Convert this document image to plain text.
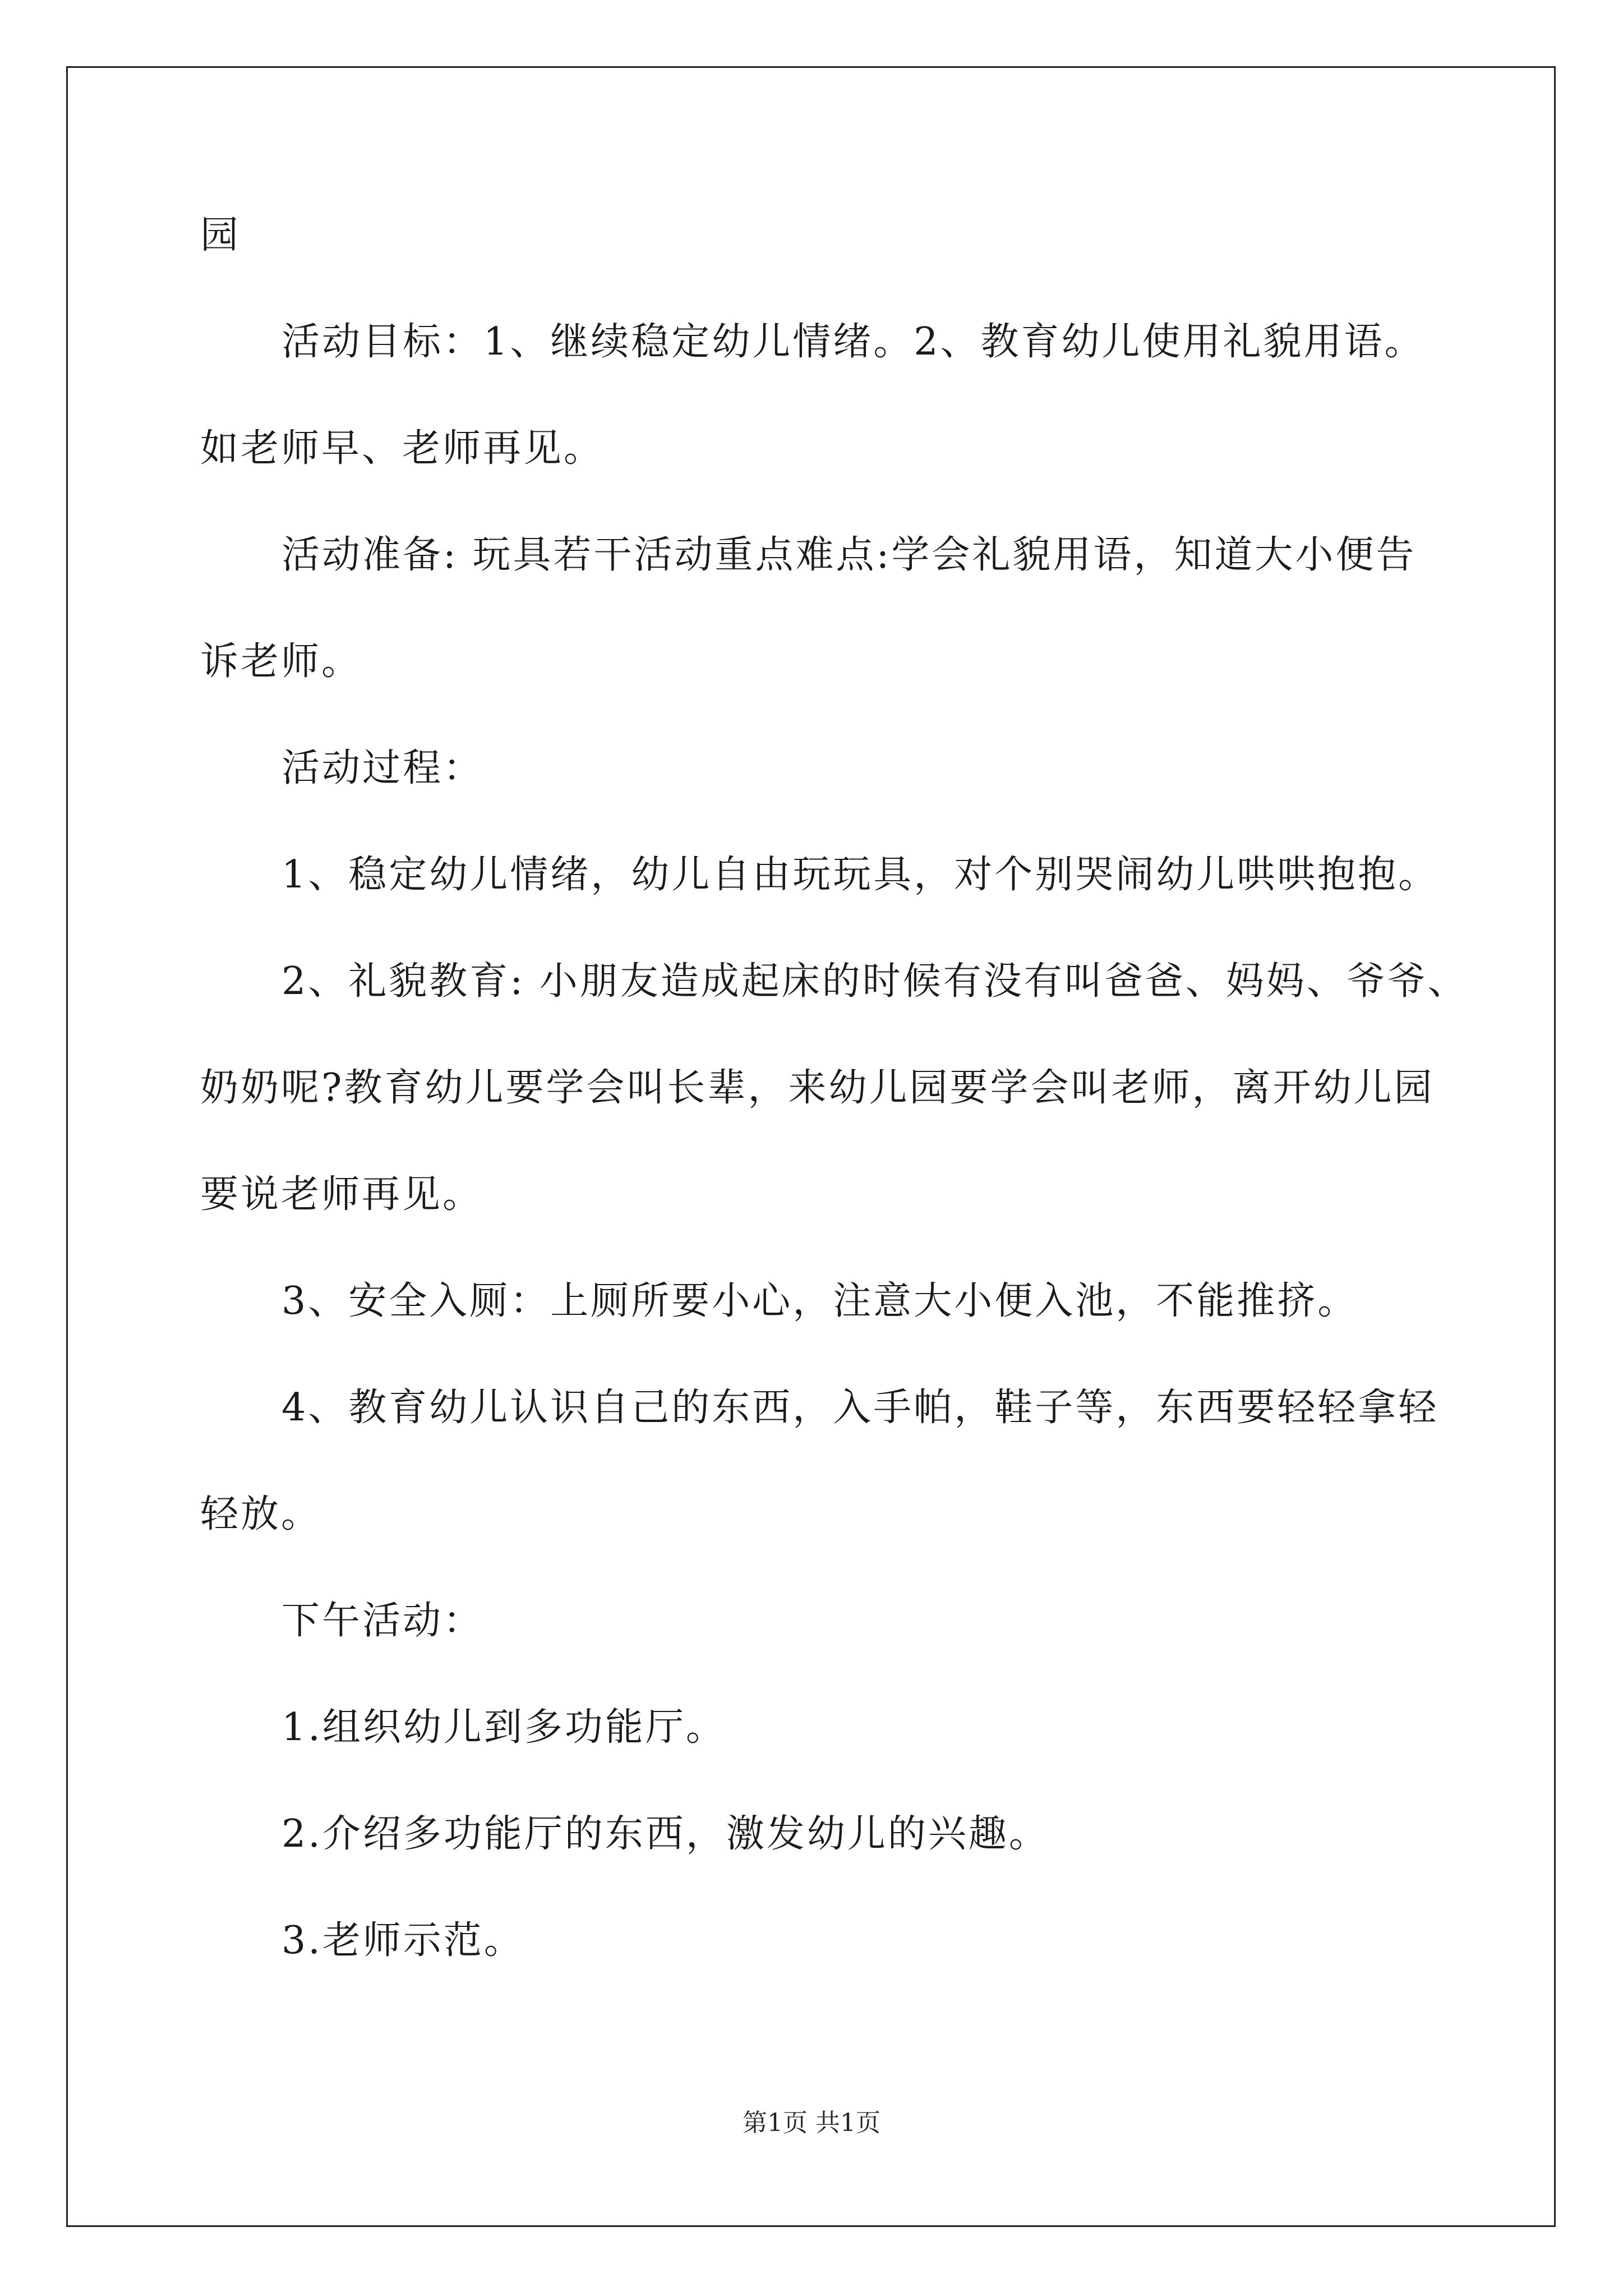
园
活动目标：1、继续稳定幼儿情绪。2、教育幼儿使用礼貌用语。
如老师早、老师再见。
活动准备: 玩具若干活动重点难点:学会礼貌用语，知道大小便告
诉老师。
活动过程：
1、稳定幼儿情绪，幼儿自由玩玩具，对个别哭闹幼儿哄哄抱抱。
2、礼貌教育: 小朋友造成起床的时候有没有叫爸爸、妈妈、爷爷、
奶奶呢?教育幼儿要学会叫长辈，来幼儿园要学会叫老师，离开幼儿园
要说老师再见。
3、安全入厕：上厕所要小心，注意大小便入池，不能推挤。
4、教育幼儿认识自己的东西，入手帕，鞋子等，东西要轻轻拿轻
轻放。
下午活动：
1.组织幼儿到多功能厅。
2.介绍多功能厅的东西，激发幼儿的兴趣。
3.老师示范。
第1页 共1页
